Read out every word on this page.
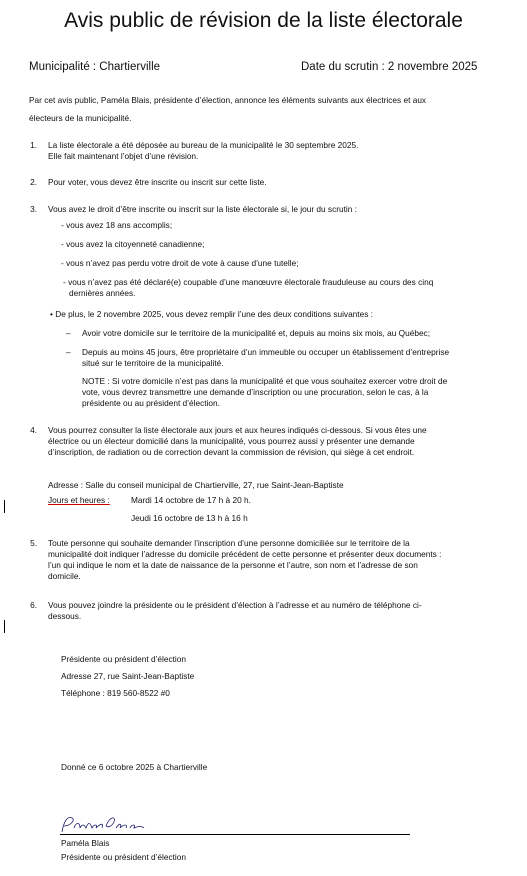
Avis public de révision de la liste électorale
Municipalité : Chartierville	Date du scrutin : 2 novembre 2025
Par cet avis public, Paméla Blais, présidente d’élection, annonce les éléments suivants aux électrices et aux
électeurs de la municipalité.
1. La liste électorale a été déposée au bureau de la municipalité le 30 septembre 2025.
Elle fait maintenant l’objet d’une révision.
2. Pour voter, vous devez être inscrite ou inscrit sur cette liste.
3. Vous avez le droit d’être inscrite ou inscrit sur la liste électorale si, le jour du scrutin :
- vous avez 18 ans accomplis;
- vous avez la citoyenneté canadienne;
- vous n’avez pas perdu votre droit de vote à cause d’une tutelle;
- vous n’avez pas été déclaré(e) coupable d’une manœuvre électorale frauduleuse au cours des cinq
dernières années.
• De plus, le 2 novembre 2025, vous devez remplir l’une des deux conditions suivantes :
– Avoir votre domicile sur le territoire de la municipalité et, depuis au moins six mois, au Québec;
– Depuis au moins 45 jours, être propriétaire d’un immeuble ou occuper un établissement d’entreprise
situé sur le territoire de la municipalité.
NOTE : Si votre domicile n’est pas dans la municipalité et que vous souhaitez exercer votre droit de
vote, vous devrez transmettre une demande d’inscription ou une procuration, selon le cas, à la
présidente ou au président d’élection.
4. Vous pourrez consulter la liste électorale aux jours et aux heures indiqués ci-dessous. Si vous êtes une
électrice ou un électeur domicilié dans la municipalité, vous pourrez aussi y présenter une demande
d’inscription, de radiation ou de correction devant la commission de révision, qui siège à cet endroit.
Adresse : Salle du conseil municipal de Chartierville, 27, rue Saint-Jean-Baptiste
Jours et heures :	Mardi 14 octobre de 17 h à 20 h.
Jeudi 16 octobre de 13 h à 16 h
5. Toute personne qui souhaite demander l’inscription d’une personne domiciliée sur le territoire de la
municipalité doit indiquer l’adresse du domicile précédent de cette personne et présenter deux documents :
l’un qui indique le nom et la date de naissance de la personne et l’autre, son nom et l’adresse de son
domicile.
6. Vous pouvez joindre la présidente ou le président d’élection à l’adresse et au numéro de téléphone ci-
dessous.
Présidente ou président d’élection
Adresse 27, rue Saint-Jean-Baptiste
Téléphone : 819 560-8522 #0
Donné ce 6 octobre 2025 à Chartierville
Paméla Blais
Présidente ou président d’élection
